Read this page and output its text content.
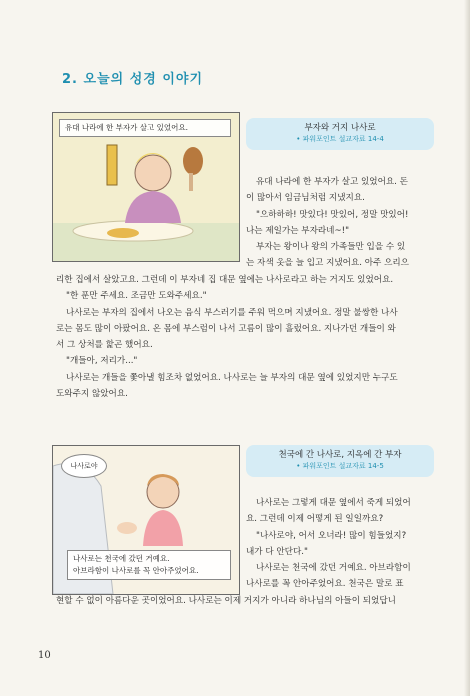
2. 오늘의 성경 이야기
유대 나라에 한 부자가 살고 있었어요.	부자와 거지 나사로
• 파워포인트 설교자료 14-4
유대 나라에 한 부자가 살고 있었어요. 돈
이 많아서 임금님처럼 지냈지요.
"으하하하! 맛있다! 맛있어, 정말 맛있어!
나는 제일가는 부자라네~!"
부자는 왕이나 왕의 가족들만 입을 수 있
는 자색 옷을 늘 입고 지냈어요. 아주 으리으
리한 집에서 살았고요. 그런데 이 부자네 집 대문 옆에는 나사로라고 하는 거지도 있었어요.
"한 푼만 주세요. 조금만 도와주세요."
나사로는 부자의 집에서 나오는 음식 부스러기를 주워 먹으며 지냈어요. 정말 불쌍한 나사
로는 몸도 많이 아팠어요. 온 몸에 부스럼이 나서 고름이 많이 흘렀어요. 지나가던 개들이 와
서 그 상처를 핥곤 했어요.
"개들아, 저리가..."
나사로는 개들을 쫓아낼 힘조차 없었어요. 나사로는 늘 부자의 대문 옆에 있었지만 누구도
도와주지 않았어요.
나사로야
나사로는 천국에 갔던 거예요.
아브라함이 나사로를 꼭 안아주었어요.
천국에 간 나사로, 지옥에 간 부자
• 파워포인트 설교자료 14-5
나사로는 그렇게 대문 옆에서 죽게 되었어
요. 그런데 이제 어떻게 된 일일까요?
"나사로야, 어서 오너라! 많이 힘들었지?
내가 다 안단다."
나사로는 천국에 갔던 거예요. 아브라함이
나사로를 꼭 안아주었어요. 천국은 말로 표
현할 수 없이 아름다운 곳이었어요. 나사로는 이제 거지가 아니라 하나님의 아들이 되었답니
10
